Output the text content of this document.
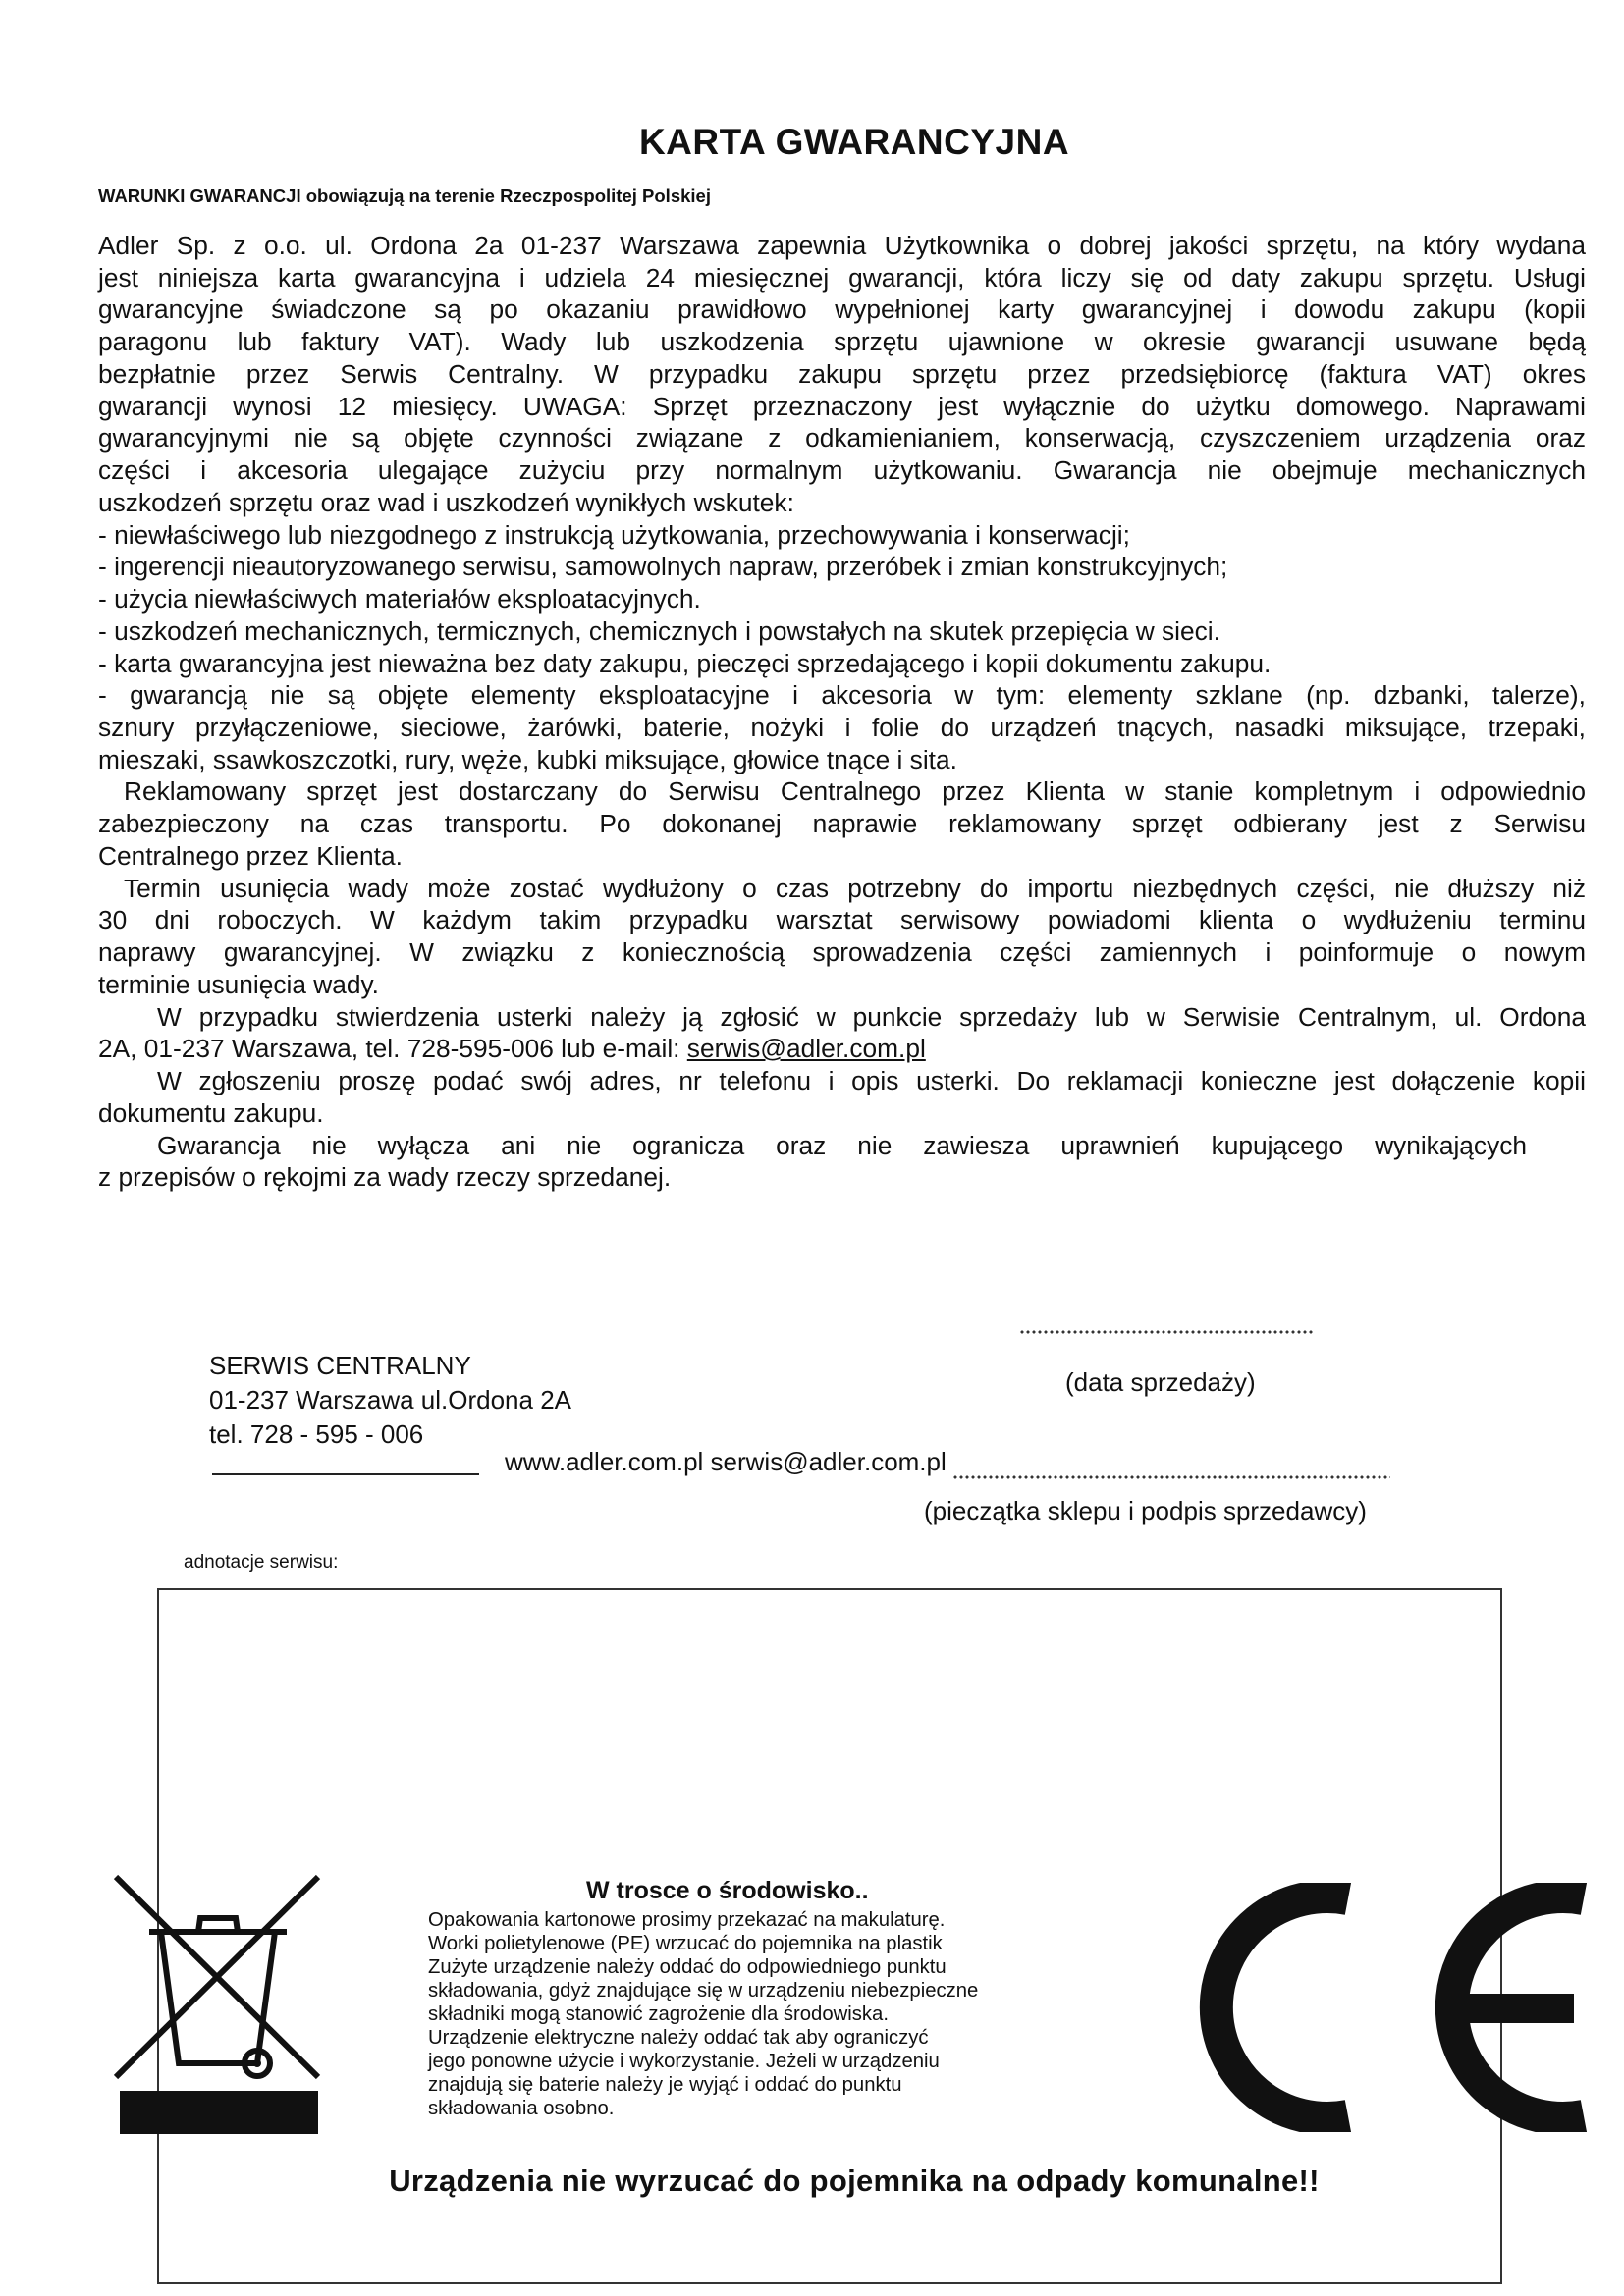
KARTA GWARANCYJNA
WARUNKI GWARANCJI obowiązują na terenie Rzeczpospolitej Polskiej
Adler Sp. z o.o. ul. Ordona 2a 01-237 Warszawa zapewnia Użytkownika o dobrej jakości sprzętu, na który wydana
jest niniejsza karta gwarancyjna i udziela 24 miesięcznej gwarancji, która liczy się od daty zakupu sprzętu. Usługi
gwarancyjne świadczone są po okazaniu prawidłowo wypełnionej karty gwarancyjnej i dowodu zakupu (kopii
paragonu lub faktury VAT). Wady lub uszkodzenia sprzętu ujawnione w okresie gwarancji usuwane będą
bezpłatnie przez Serwis Centralny. W przypadku zakupu sprzętu przez przedsiębiorcę (faktura VAT) okres
gwarancji wynosi 12 miesięcy. UWAGA: Sprzęt przeznaczony jest wyłącznie do użytku domowego. Naprawami
gwarancyjnymi nie są objęte czynności związane z odkamienianiem, konserwacją, czyszczeniem urządzenia oraz
części i akcesoria ulegające zużyciu przy normalnym użytkowaniu. Gwarancja nie obejmuje mechanicznych
uszkodzeń sprzętu oraz wad i uszkodzeń wynikłych wskutek:
- niewłaściwego lub niezgodnego z instrukcją użytkowania, przechowywania i konserwacji;
- ingerencji nieautoryzowanego serwisu, samowolnych napraw, przeróbek i zmian konstrukcyjnych;
- użycia niewłaściwych materiałów eksploatacyjnych.
- uszkodzeń mechanicznych, termicznych, chemicznych i powstałych na skutek przepięcia w sieci.
- karta gwarancyjna jest nieważna bez daty zakupu, pieczęci sprzedającego i kopii dokumentu zakupu.
- gwarancją nie są objęte elementy eksploatacyjne i akcesoria w tym: elementy szklane (np. dzbanki, talerze),
sznury przyłączeniowe, sieciowe, żarówki, baterie, nożyki i folie do urządzeń tnących, nasadki miksujące, trzepaki,
mieszaki, ssawkoszczotki, rury, węże, kubki miksujące, głowice tnące i sita.
Reklamowany sprzęt jest dostarczany do Serwisu Centralnego przez Klienta w stanie kompletnym i odpowiednio
zabezpieczony na czas transportu. Po dokonanej naprawie reklamowany sprzęt odbierany jest z Serwisu
Centralnego przez Klienta.
Termin usunięcia wady może zostać wydłużony o czas potrzebny do importu niezbędnych części, nie dłuższy niż
30 dni roboczych. W każdym takim przypadku warsztat serwisowy powiadomi klienta o wydłużeniu terminu
naprawy gwarancyjnej. W związku z koniecznością sprowadzenia części zamiennych i poinformuje o nowym
terminie usunięcia wady.
W przypadku stwierdzenia usterki należy ją zgłosić w punkcie sprzedaży lub w Serwisie Centralnym, ul. Ordona
2A, 01-237 Warszawa, tel. 728-595-006 lub e-mail: serwis@adler.com.pl
W zgłoszeniu proszę podać swój adres, nr telefonu i opis usterki. Do reklamacji konieczne jest dołączenie kopii
dokumentu zakupu.
Gwarancja nie wyłącza ani nie ogranicza oraz nie zawiesza uprawnień kupującego wynikających
z przepisów o rękojmi za wady rzeczy sprzedanej.
SERWIS CENTRALNY
01-237 Warszawa ul.Ordona 2A
tel. 728 - 595 - 006
www.adler.com.pl serwis@adler.com.pl
(data sprzedaży)
(pieczątka sklepu i podpis sprzedawcy)
adnotacje serwisu:
W trosce o środowisko..
Opakowania kartonowe prosimy przekazać na makulaturę.
Worki polietylenowe (PE) wrzucać do pojemnika na plastik
Zużyte urządzenie należy oddać do odpowiedniego punktu
składowania, gdyż znajdujące się w urządzeniu niebezpieczne
składniki mogą stanowić zagrożenie dla środowiska.
Urządzenie elektryczne należy oddać tak aby ograniczyć
jego ponowne użycie i wykorzystanie. Jeżeli w urządzeniu
znajdują się baterie należy je wyjąć i oddać do punktu
składowania osobno.
Urządzenia nie wyrzucać do pojemnika na odpady komunalne!!
